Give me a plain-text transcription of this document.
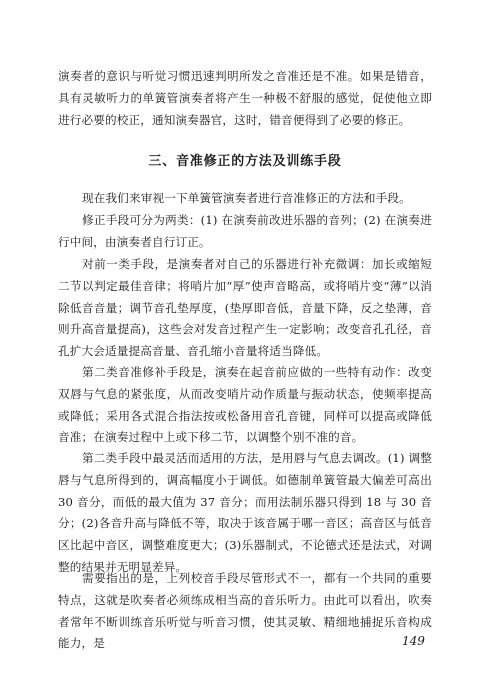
演奏者的意识与听觉习惯迅速判明所发之音准还是不准。如果是错音，具有灵敏听力的单簧管演奏者将产生一种极不舒服的感觉，促使他立即进行必要的校正，通知演奏器官，这时，错音便得到了必要的修正。

三、音准修正的方法及训练手段

现在我们来审视一下单簧管演奏者进行音准修正的方法和手段。

修正手段可分为两类：(1) 在演奏前改进乐器的音列；(2) 在演奏进行中间，由演奏者自行订正。

对前一类手段，是演奏者对自己的乐器进行补充微调：加长或缩短二节以判定最佳音律；将哨片加“厚”使声音略高，或将哨片变“薄”以消除低音音量；调节音孔垫厚度，(垫厚即音低，音量下降，反之垫薄，音则升高音量提高)，这些会对发音过程产生一定影响；改变音孔孔径，音孔扩大会适量提高音量、音孔缩小音量将适当降低。

第二类音准修补手段是，演奏在起音前应做的一些特有动作：改变双唇与气息的紧张度，从而改变哨片动作质量与振动状态，使频率提高或降低；采用各式混合指法按或松备用音孔音键，同样可以提高或降低音准；在演奏过程中上或下移二节，以调整个别不准的音。

第二类手段中最灵活而适用的方法，是用唇与气息去调改。(1) 调整唇与气息所得到的，调高幅度小于调低。如德制单簧管最大偏差可高出 30 音分，而低的最大值为 37 音分；而用法制乐器只得到 18 与 30 音分；(2)各音升高与降低不等，取决于该音属于哪一音区；高音区与低音区比起中音区，调整难度更大；(3)乐器制式，不论德式还是法式，对调整的结果并无明显差异。

需要指出的是，上列校音手段尽管形式不一，都有一个共同的重要特点，这就是吹奏者必须练成相当高的音乐听力。由此可以看出，吹奏者常年不断训练音乐听觉与听音习惯，使其灵敏、精细地捕捉乐音构成能力，是	149
